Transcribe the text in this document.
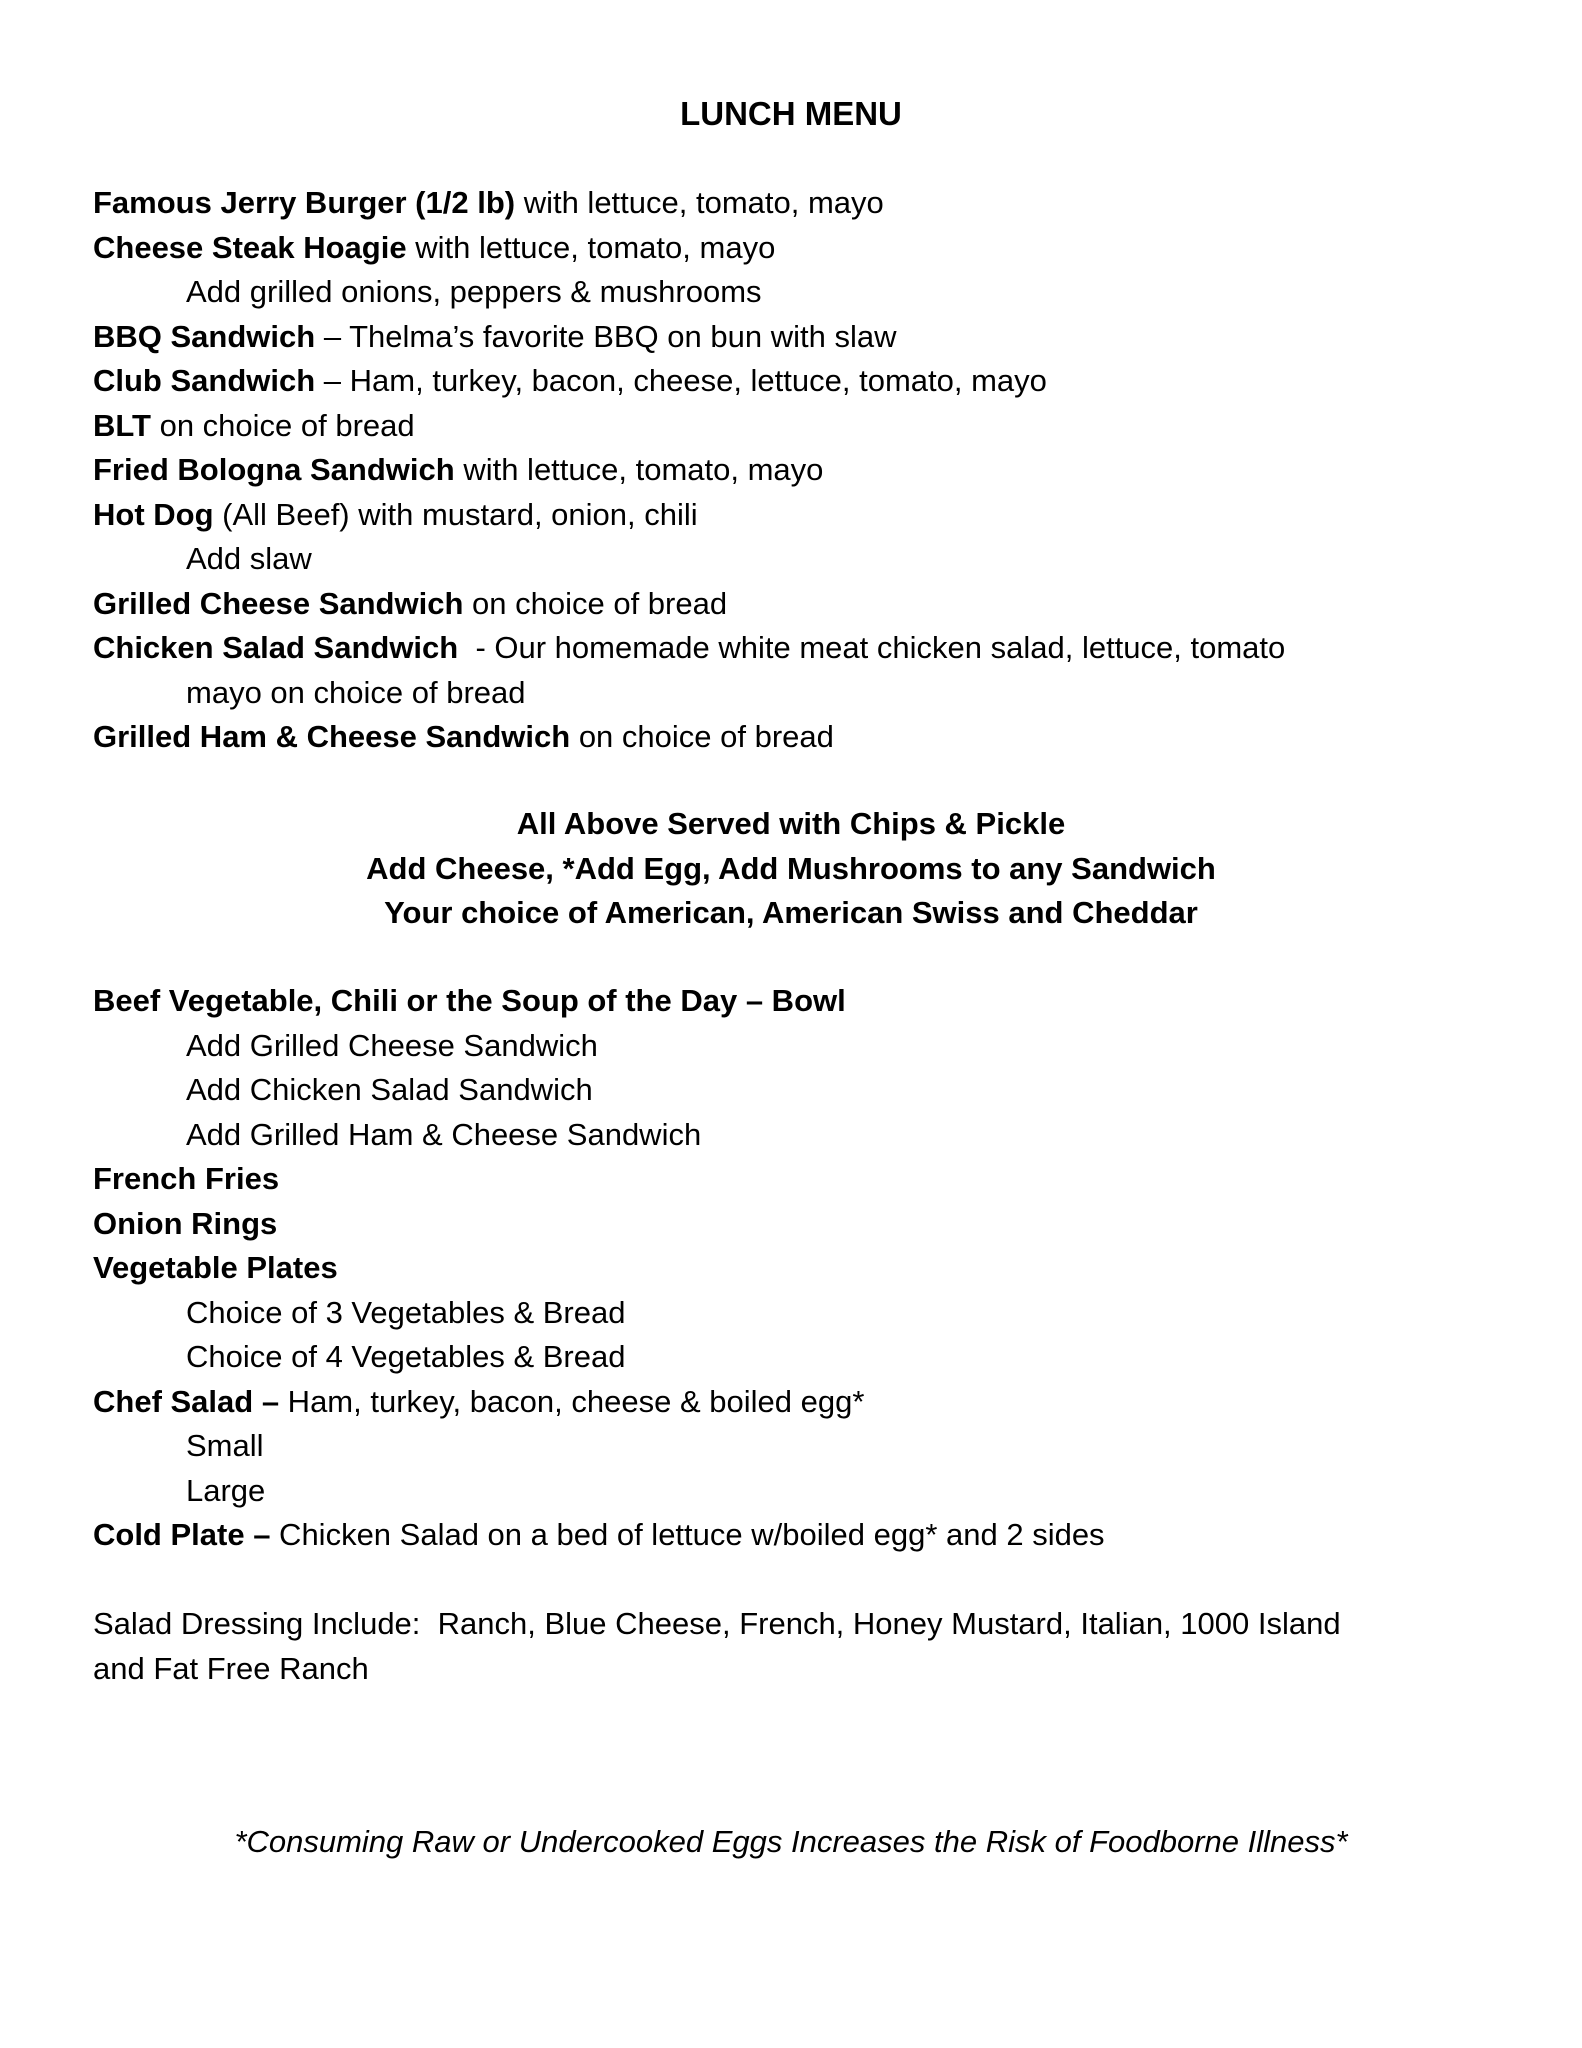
LUNCH MENU
Famous Jerry Burger (1/2 lb) with lettuce, tomato, mayo
Cheese Steak Hoagie with lettuce, tomato, mayo
Add grilled onions, peppers & mushrooms
BBQ Sandwich – Thelma’s favorite BBQ on bun with slaw
Club Sandwich – Ham, turkey, bacon, cheese, lettuce, tomato, mayo
BLT on choice of bread
Fried Bologna Sandwich with lettuce, tomato, mayo
Hot Dog (All Beef) with mustard, onion, chili
Add slaw
Grilled Cheese Sandwich on choice of bread
Chicken Salad Sandwich  - Our homemade white meat chicken salad, lettuce, tomato
mayo on choice of bread
Grilled Ham & Cheese Sandwich on choice of bread
All Above Served with Chips & Pickle
Add Cheese, *Add Egg, Add Mushrooms to any Sandwich
Your choice of American, American Swiss and Cheddar
Beef Vegetable, Chili or the Soup of the Day – Bowl
Add Grilled Cheese Sandwich
Add Chicken Salad Sandwich
Add Grilled Ham & Cheese Sandwich
French Fries
Onion Rings
Vegetable Plates
Choice of 3 Vegetables & Bread
Choice of 4 Vegetables & Bread
Chef Salad – Ham, turkey, bacon, cheese & boiled egg*
Small
Large
Cold Plate – Chicken Salad on a bed of lettuce w/boiled egg* and 2 sides
Salad Dressing Include:  Ranch, Blue Cheese, French, Honey Mustard, Italian, 1000 Island
and Fat Free Ranch

*Consuming Raw or Undercooked Eggs Increases the Risk of Foodborne Illness*
